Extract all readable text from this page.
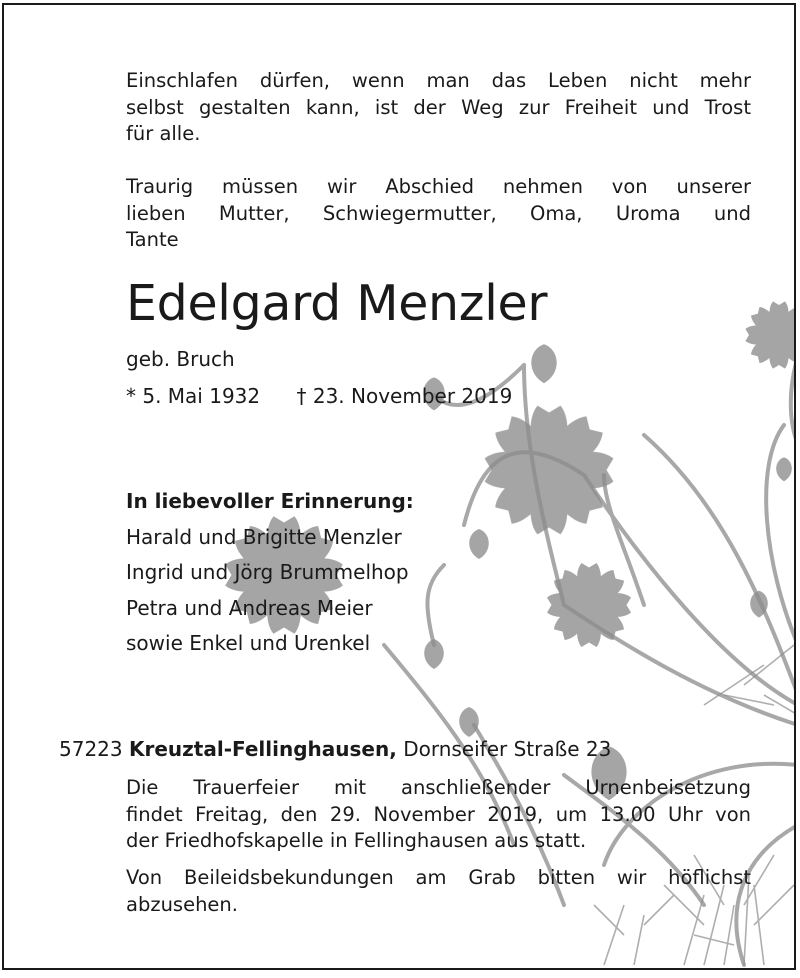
Einschlafen dürfen, wenn man das Leben nicht mehr
selbst gestalten kann, ist der Weg zur Freiheit und Trost
für alle.
Traurig müssen wir Abschied nehmen von unserer
lieben Mutter, Schwiegermutter, Oma, Uroma und
Tante
Edelgard Menzler
geb. Bruch
* 5. Mai 1932 † 23. November 2019
In liebevoller Erinnerung:
Harald und Brigitte Menzler
Ingrid und Jörg Brummelhop
Petra und Andreas Meier
sowie Enkel und Urenkel
57223 Kreuztal-Fellinghausen, Dornseifer Straße 23
Die Trauerfeier mit anschließender Urnenbeisetzung
findet Freitag, den 29. November 2019, um 13.00 Uhr von
der Friedhofskapelle in Fellinghausen aus statt.
Von Beileidsbekundungen am Grab bitten wir höflichst
abzusehen.
